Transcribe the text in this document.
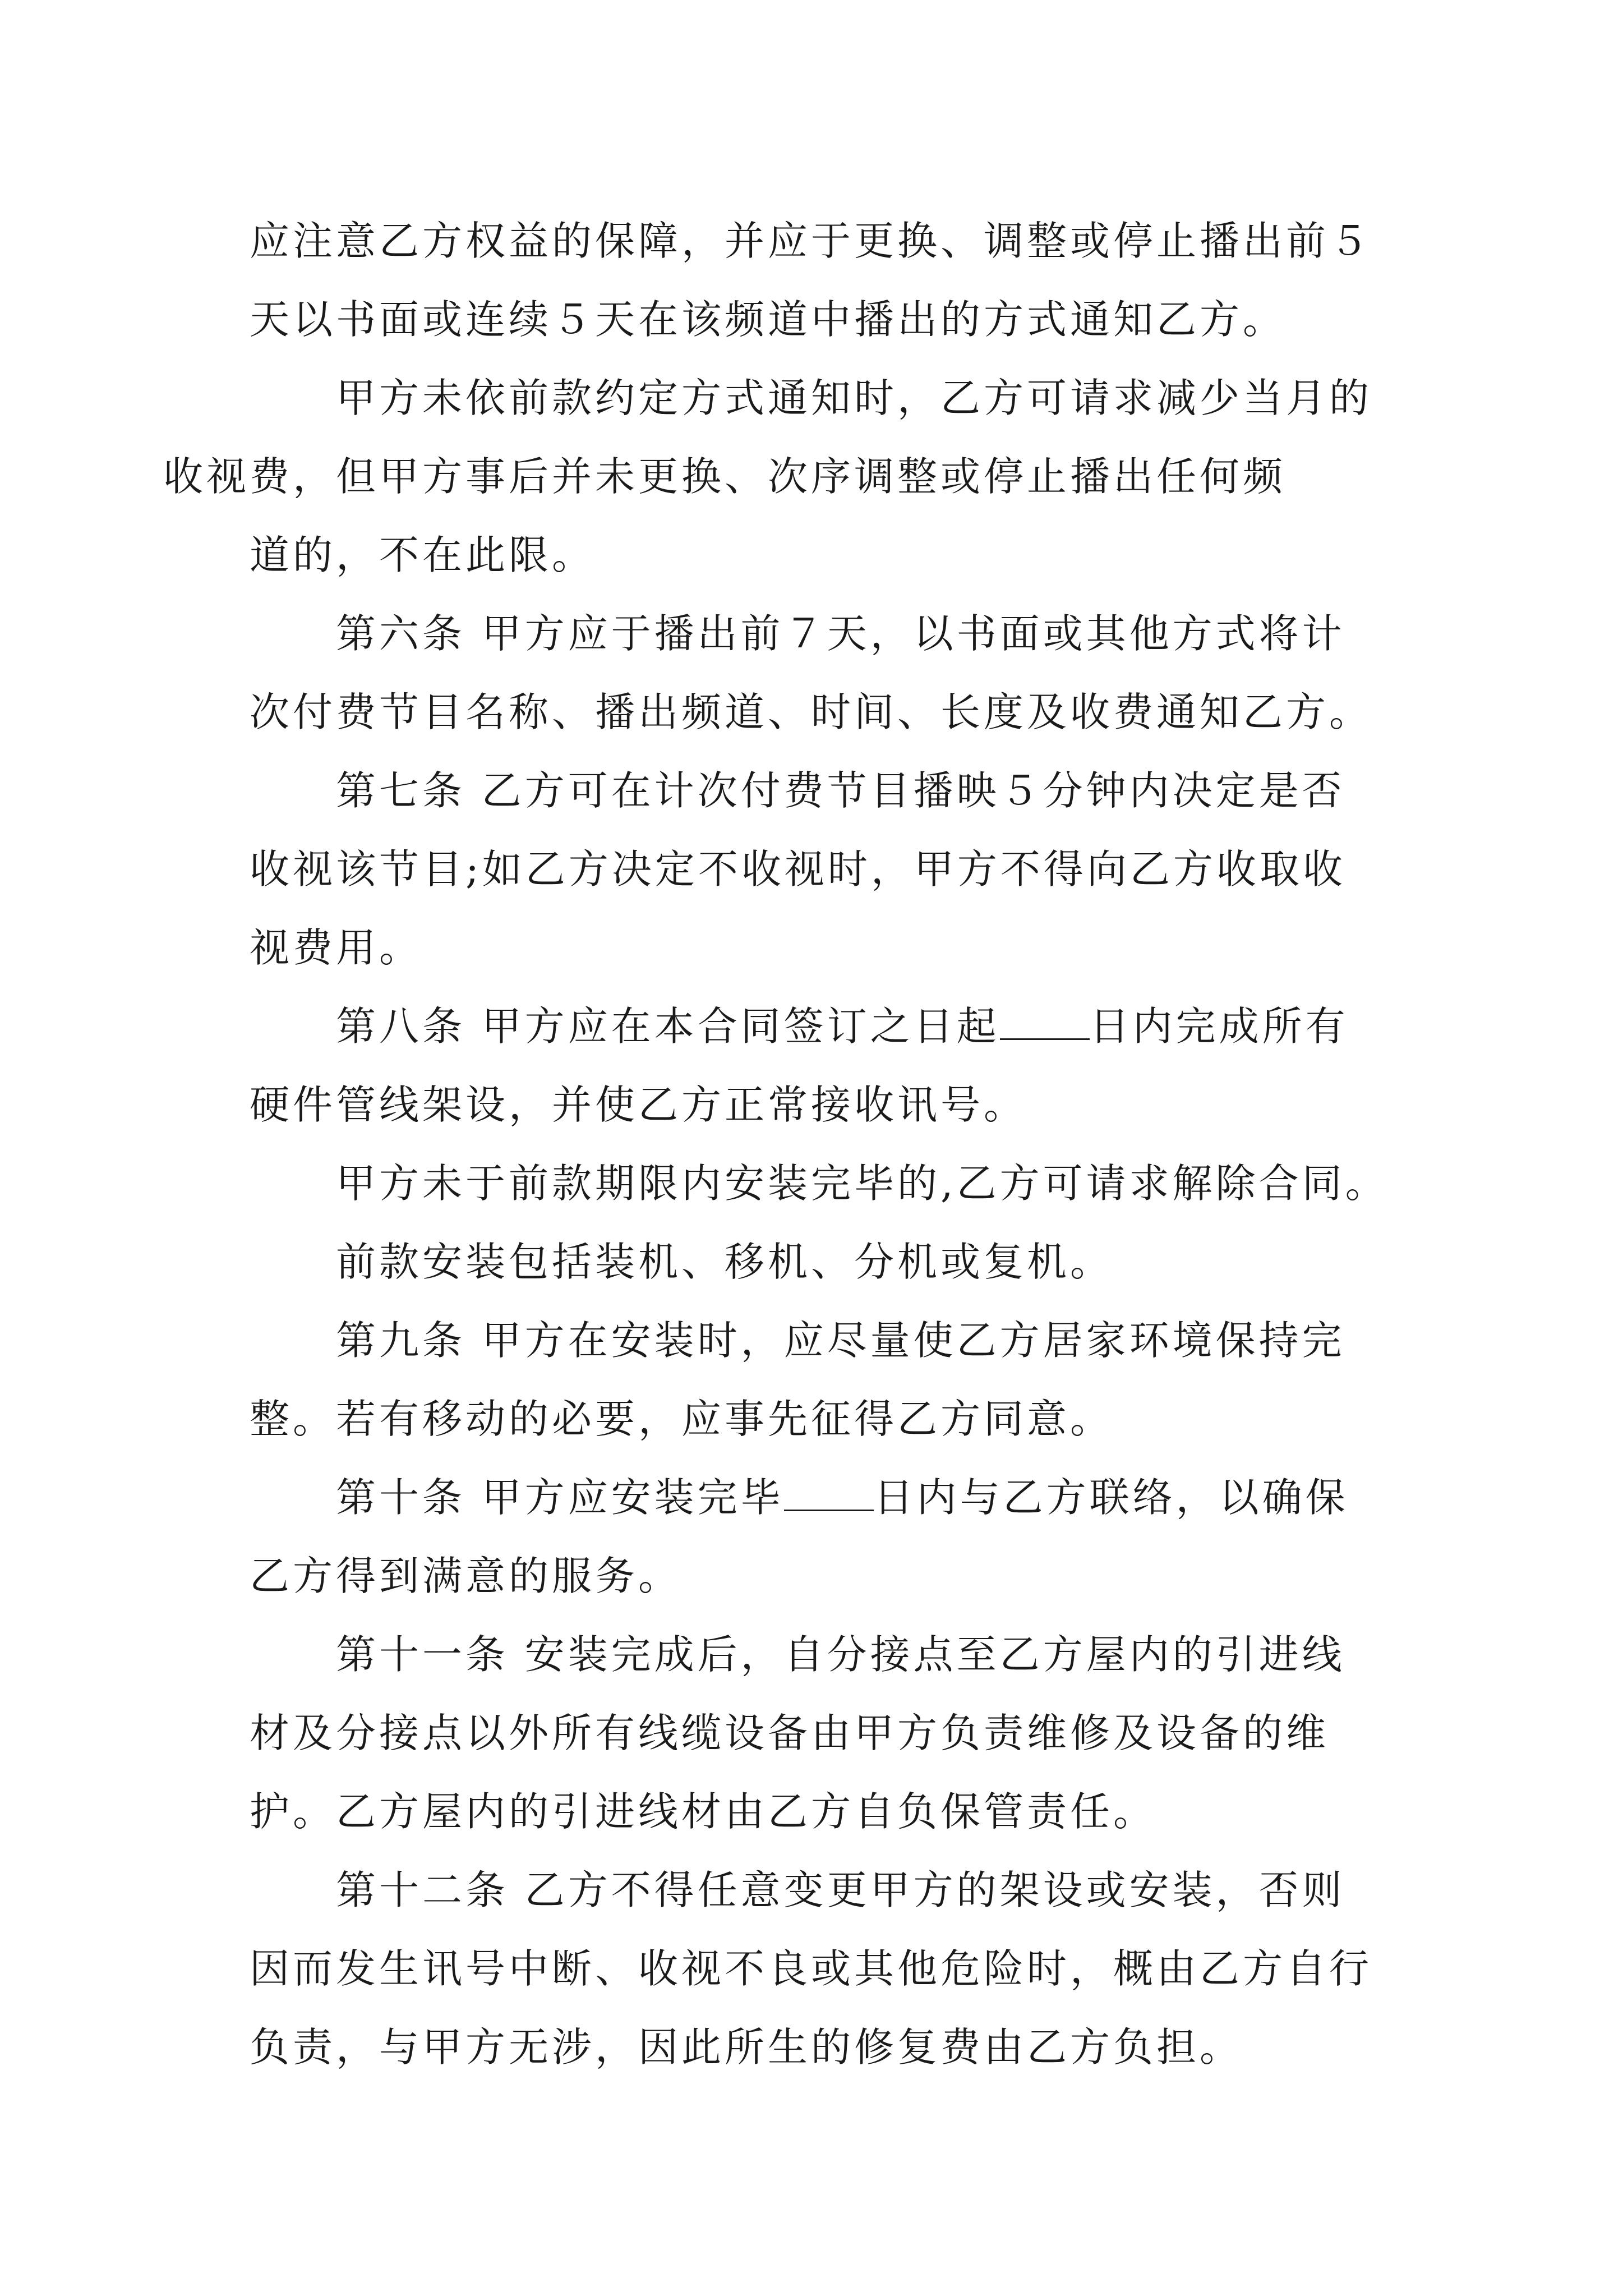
应注意乙方权益的保障，并应于更换、调整或停止播出前５
天以书面或连续５天在该频道中播出的方式通知乙方。

甲方未依前款约定方式通知时，乙方可请求减少当月的
收视费，但甲方事后并未更换、次序调整或停止播出任何频
道的，不在此限。

第六条 甲方应于播出前７天，以书面或其他方式将计
次付费节目名称、播出频道、时间、长度及收费通知乙方。

第七条 乙方可在计次付费节目播映５分钟内决定是否
收视该节目;如乙方决定不收视时，甲方不得向乙方收取收
视费用。

第八条 甲方应在本合同签订之日起 日内完成所有
硬件管线架设，并使乙方正常接收讯号。

甲方未于前款期限内安装完毕的,乙方可请求解除合同。

前款安装包括装机、移机、分机或复机。

第九条 甲方在安装时，应尽量使乙方居家环境保持完
整。若有移动的必要，应事先征得乙方同意。

第十条 甲方应安装完毕 日内与乙方联络，以确保
乙方得到满意的服务。

第十一条 安装完成后，自分接点至乙方屋内的引进线
材及分接点以外所有线缆设备由甲方负责维修及设备的维
护。乙方屋内的引进线材由乙方自负保管责任。

第十二条 乙方不得任意变更甲方的架设或安装，否则
因而发生讯号中断、收视不良或其他危险时，概由乙方自行
负责，与甲方无涉，因此所生的修复费由乙方负担。
